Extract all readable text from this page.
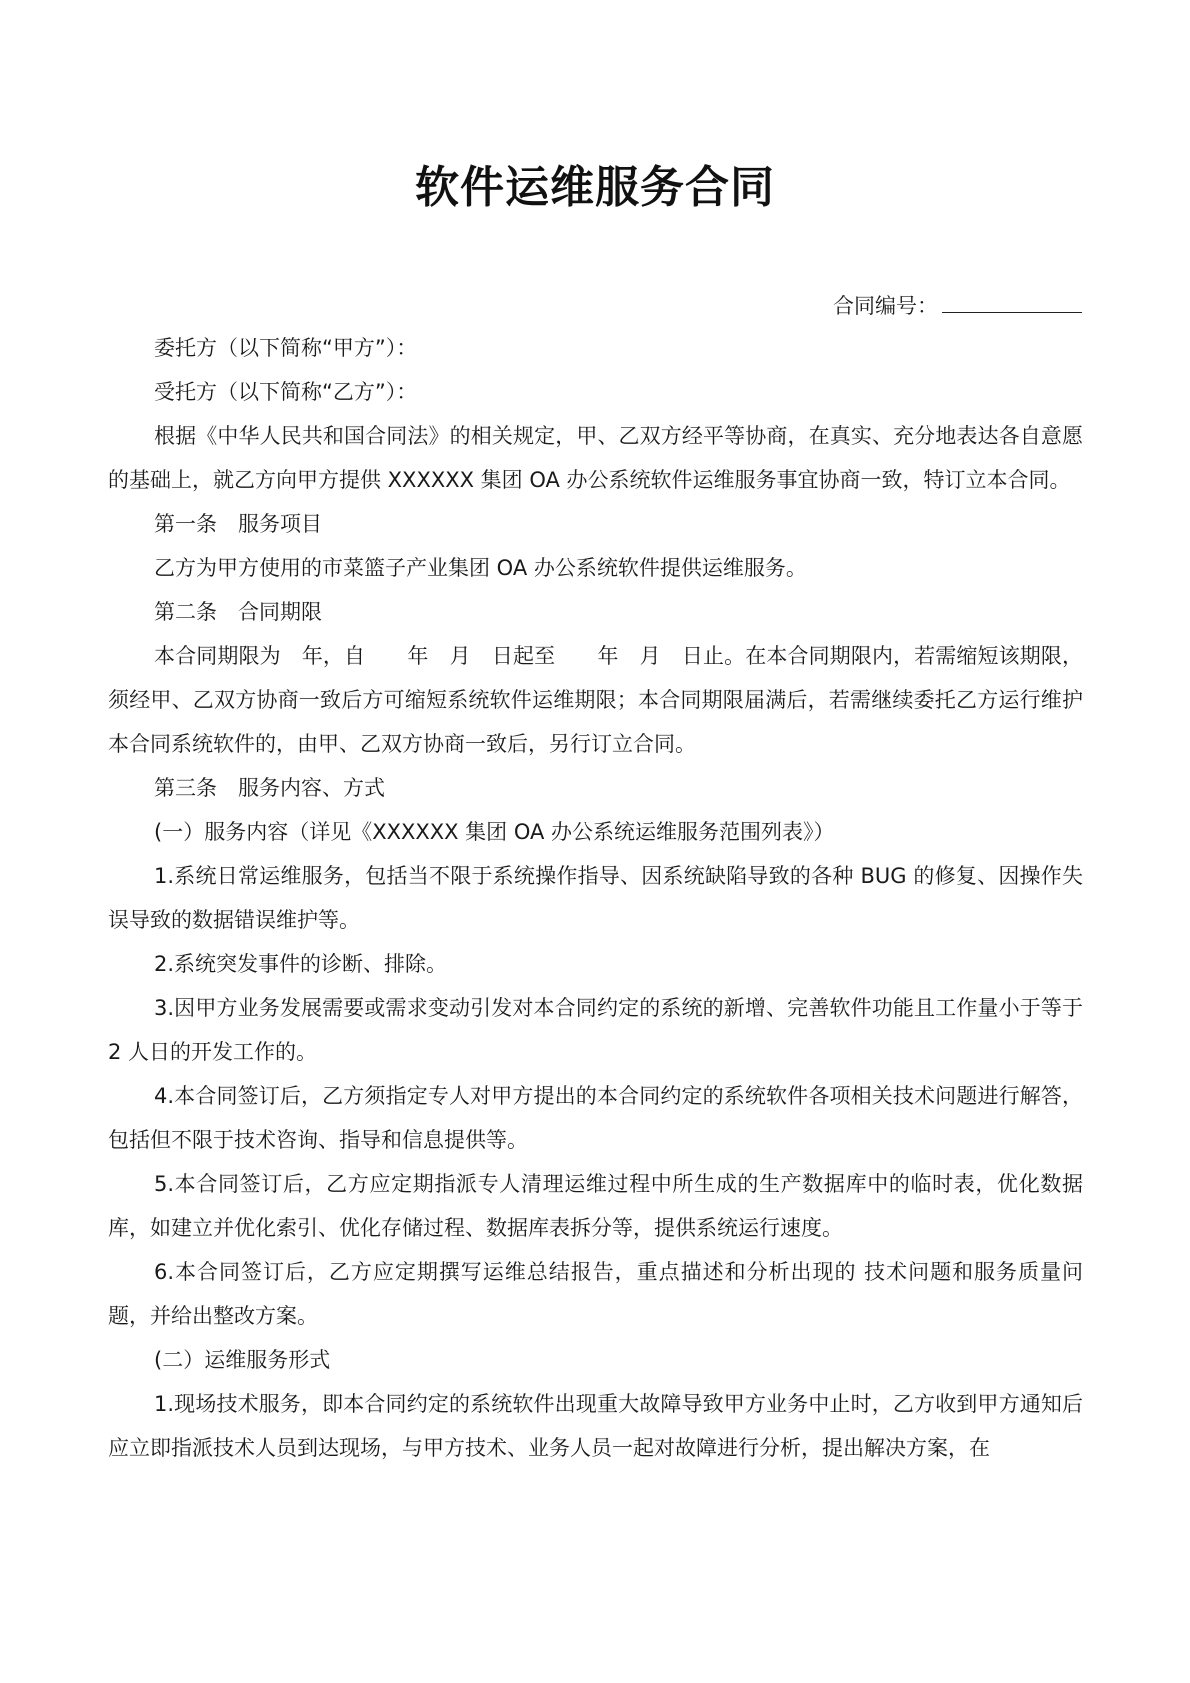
软件运维服务合同
合同编号：

委托方（以下简称“甲方”）：

受托方（以下简称“乙方”）：

根据《中华人民共和国合同法》的相关规定，甲、乙双方经平等协商，在真实、充分地表达各自意愿的基础上，就乙方向甲方提供 XXXXXX 集团 OA 办公系统软件运维服务事宜协商一致，特订立本合同。

第一条　服务项目

乙方为甲方使用的市菜篮子产业集团 OA 办公系统软件提供运维服务。

第二条　合同期限

本合同期限为　年，自　　年　月　日起至　　年　月　日止。在本合同期限内，若需缩短该期限，须经甲、乙双方协商一致后方可缩短系统软件运维期限；本合同期限届满后，若需继续委托乙方运行维护本合同系统软件的，由甲、乙双方协商一致后，另行订立合同。

第三条　服务内容、方式

(一）服务内容（详见《XXXXXX 集团 OA 办公系统运维服务范围列表》）

1.系统日常运维服务，包括当不限于系统操作指导、因系统缺陷导致的各种 BUG 的修复、因操作失误导致的数据错误维护等。

2.系统突发事件的诊断、排除。

3.因甲方业务发展需要或需求变动引发对本合同约定的系统的新增、完善软件功能且工作量小于等于 2 人日的开发工作的。

4.本合同签订后，乙方须指定专人对甲方提出的本合同约定的系统软件各项相关技术问题进行解答，包括但不限于技术咨询、指导和信息提供等。

5.本合同签订后，乙方应定期指派专人清理运维过程中所生成的生产数据库中的临时表，优化数据库，如建立并优化索引、优化存储过程、数据库表拆分等，提供系统运行速度。

6.本合同签订后，乙方应定期撰写运维总结报告，重点描述和分析出现的 技术问题和服务质量问题，并给出整改方案。

(二）运维服务形式

1.现场技术服务，即本合同约定的系统软件出现重大故障导致甲方业务中止时，乙方收到甲方通知后应立即指派技术人员到达现场，与甲方技术、业务人员一起对故障进行分析，提出解决方案，在
